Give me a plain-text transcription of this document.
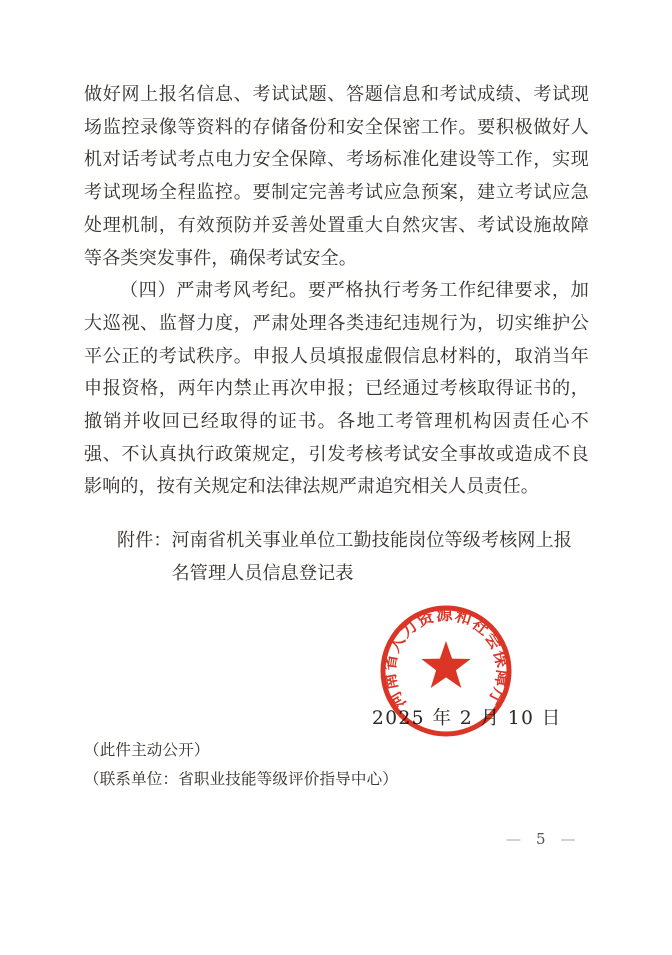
做好网上报名信息、考试试题、答题信息和考试成绩、考试现场监控录像等资料的存储备份和安全保密工作。要积极做好人机对话考试考点电力安全保障、考场标准化建设等工作，实现考试现场全程监控。要制定完善考试应急预案，建立考试应急处理机制，有效预防并妥善处置重大自然灾害、考试设施故障等各类突发事件，确保考试安全。

（四）严肃考风考纪。要严格执行考务工作纪律要求，加大巡视、监督力度，严肃处理各类违纪违规行为，切实维护公平公正的考试秩序。申报人员填报虚假信息材料的，取消当年申报资格，两年内禁止再次申报；已经通过考核取得证书的，撤销并收回已经取得的证书。各地工考管理机构因责任心不强、不认真执行政策规定，引发考核考试安全事故或造成不良影响的，按有关规定和法律法规严肃追究相关人员责任。

附件： 河南省机关事业单位工勤技能岗位等级考核网上报名管理人员信息登记表
2025 年 2 月 10 日
河南省人力资源和社会保障厅
（此件主动公开）
（联系单位：省职业技能等级评价指导中心）
— 5 —
